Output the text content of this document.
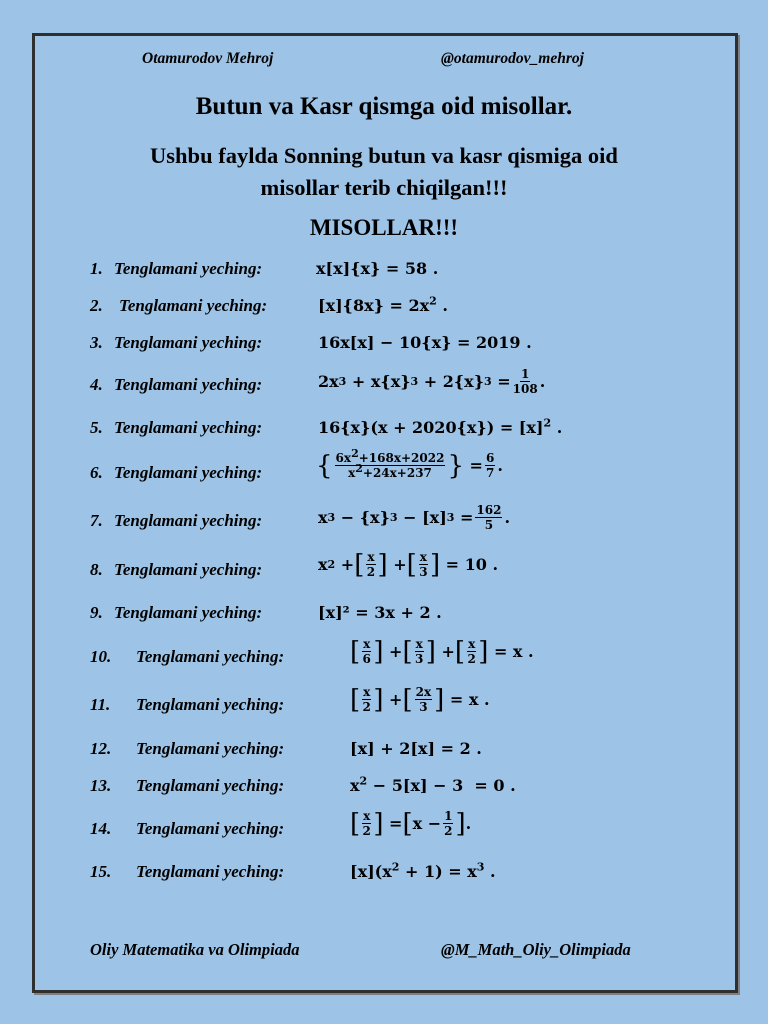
Otamurodov Mehroj	@otamurodov_mehroj
Butun va Kasr qismga oid misollar.
Ushbu faylda Sonning butun va kasr qismiga oid
misollar terib chiqilgan!!!
MISOLLAR!!!
1. Tenglamani yeching:	x[x]{x} = 58 .
2. Tenglamani yeching:	$[x]\{8x\} = 2x^2$ .
3. Tenglamani yeching:	16x[x] − 10{x} = 2019 .
4. Tenglamani yeching:	2x 3 + x{x} 3 + 2{x} $3 = \frac{1}{108}$ .
5. Tenglamani yeching:	$16\{x\}(x + 2020\{x\}) = [x]^2$ .
6. Tenglamani yeching: { $\frac{6x^2+168x+2022}{x^2+24x+237}$ } = $\frac{6}{7}$ .
7. Tenglamani yeching:	x 3 − {x} 3 − [x] $3 = \frac{162}{5}$ .
8. Tenglamani yeching:	x 2 + [ $\frac{x}{2}$ ] + [ $\frac{x}{3}$ ] = 10 .
9. Tenglamani yeching:	[x]² = 3x + 2 .
10. Tenglamani yeching:	[ $\frac{x}{6}$ ] + [ $\frac{x}{3}$ ] + [ $\frac{x}{2}$ ] = x .
11. Tenglamani yeching:	[ $\frac{x}{2}$ ] + [ $\frac{2x}{3}$ ] = x .
12. Tenglamani yeching:	[x] + 2[x] = 2 .
13. Tenglamani yeching:	$x^2 - 5[x] - 3 = 0$ .
14. Tenglamani yeching:	[ $\frac{x}{2}$ ] = [ $x - \frac{1}{2}$ ] .
15. Tenglamani yeching:	$[x](x^2 + 1) = x^3$ .
Oliy Matematika va Olimpiada	@M_Math_Oliy_Olimpiada
